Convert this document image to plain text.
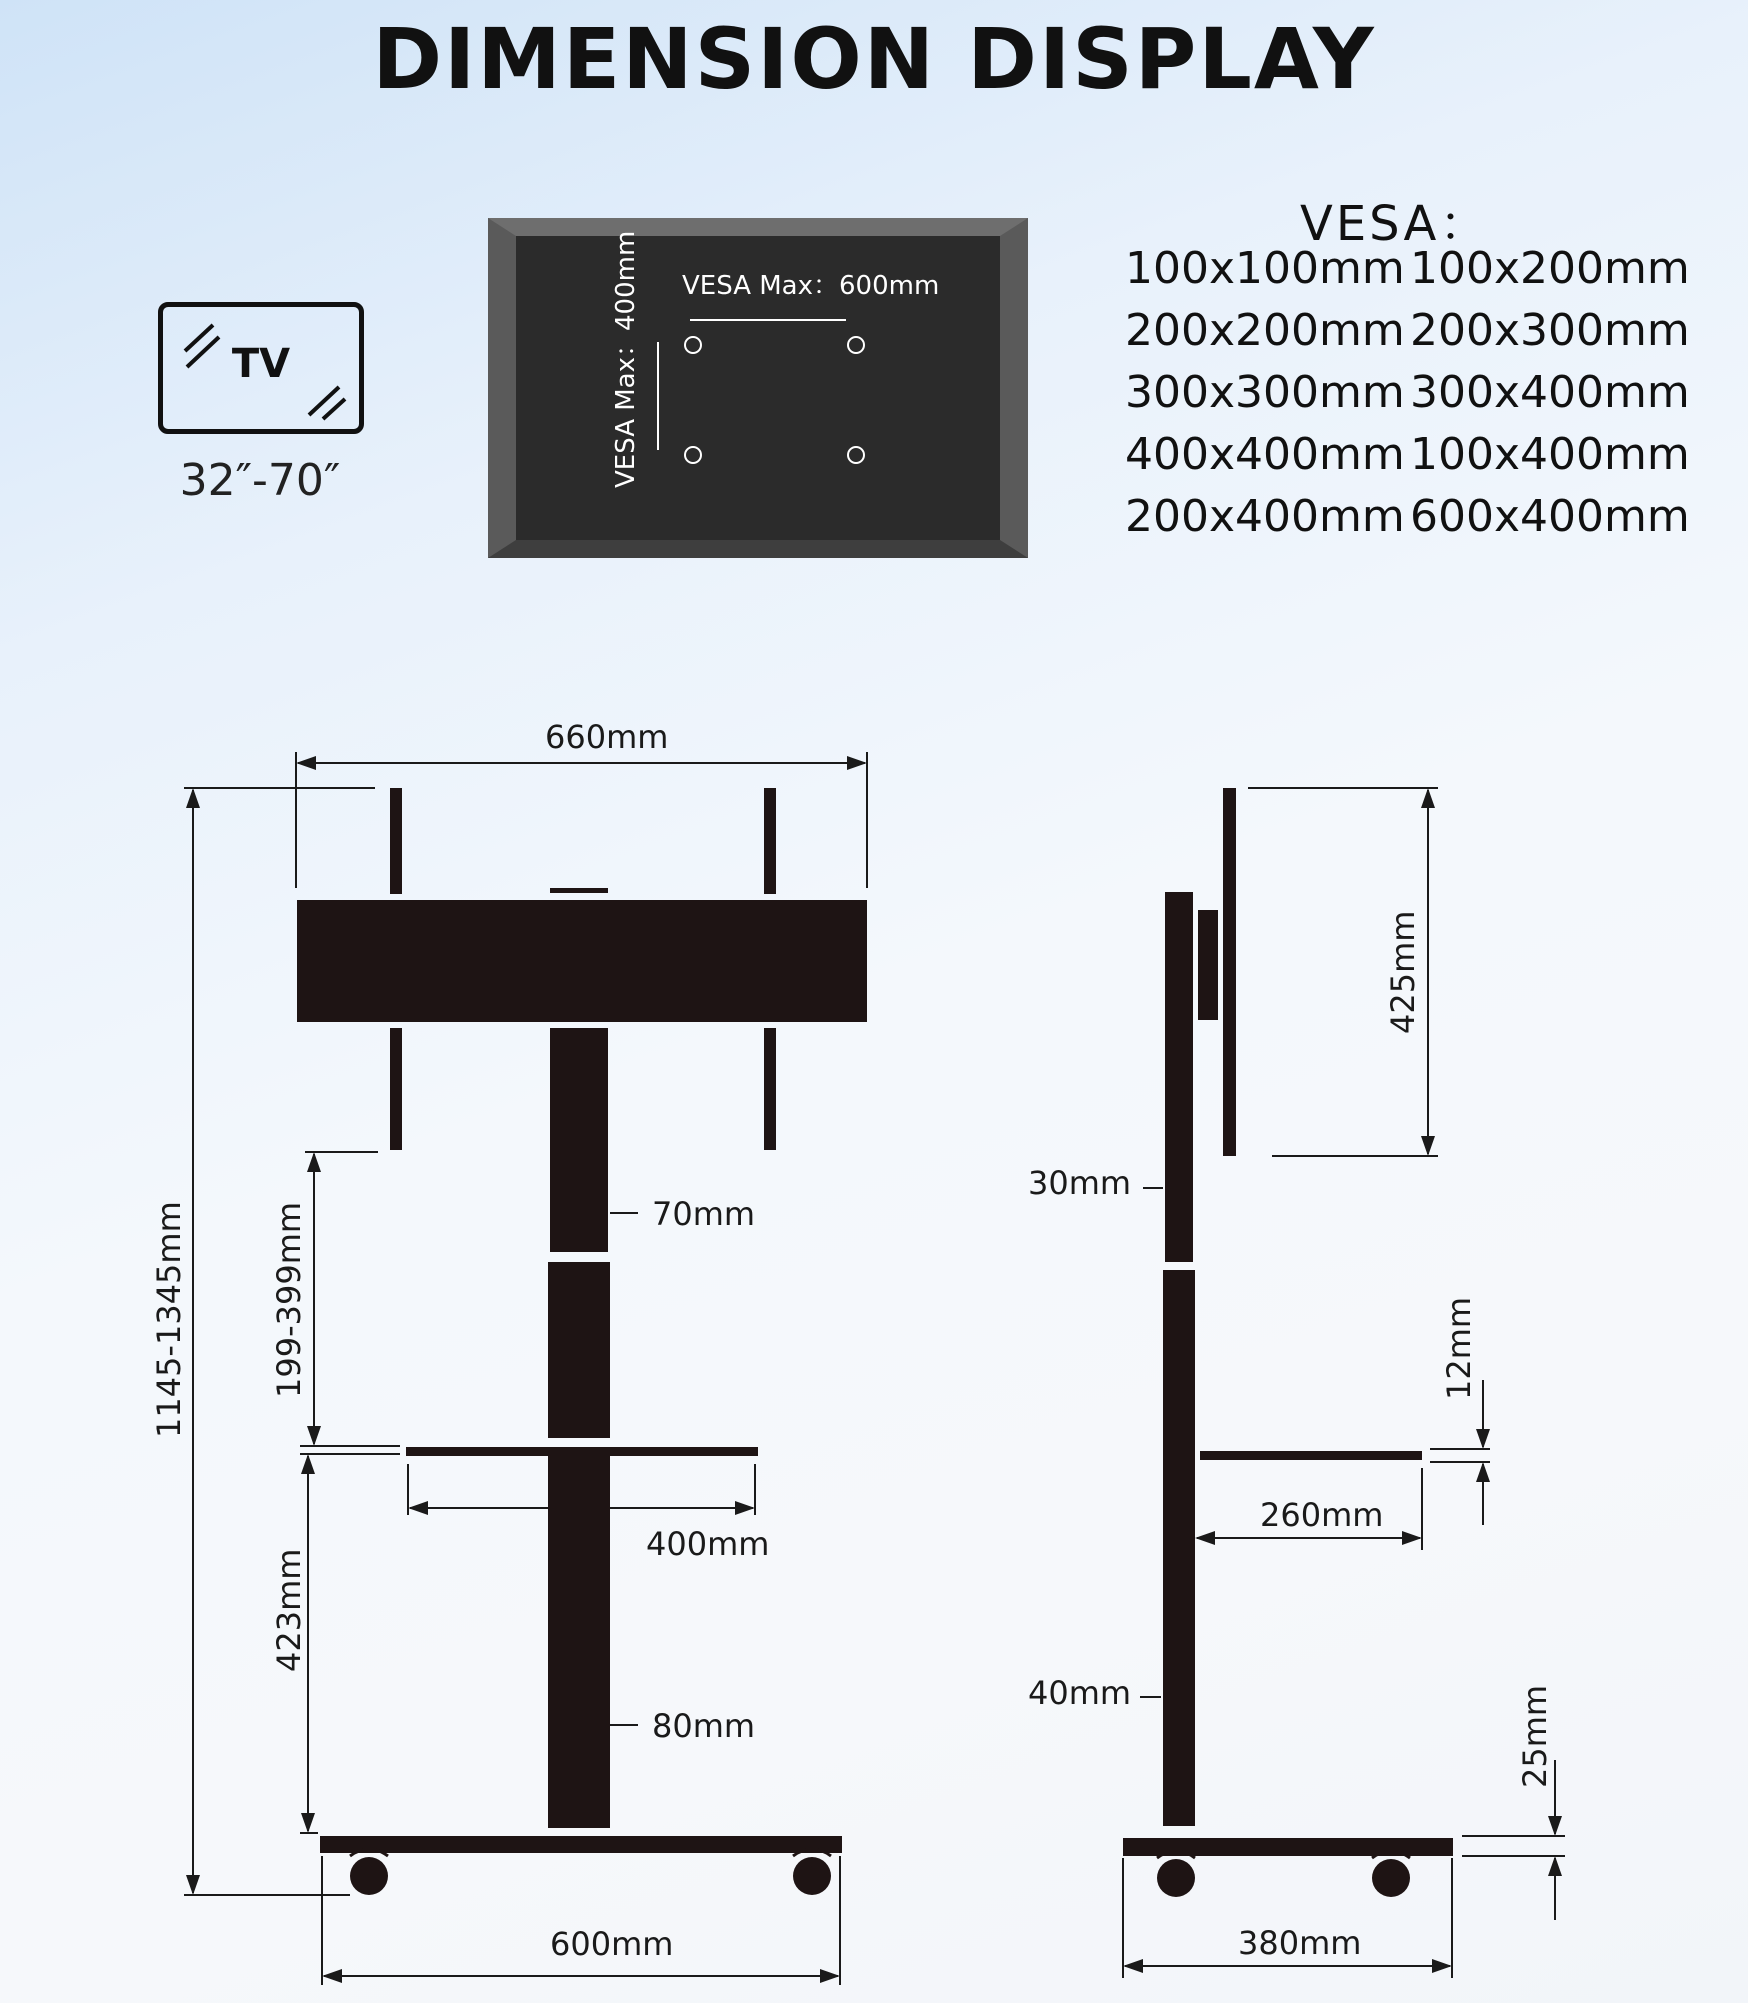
DIMENSION DISPLAY
TV
32″-70″
VESA：
100x100mm 100x200mm
200x200mm 200x300mm
300x300mm 300x400mm
400x400mm 100x400mm
200x400mm 600x400mm
VESA Max：600mm
VESA Max：400mm
660mm
1145-1345mm	199-399mm	70mm
400mm
423mm
80mm
600mm
425mm
30mm
12mm
260mm
40mm	25mm
380mm
